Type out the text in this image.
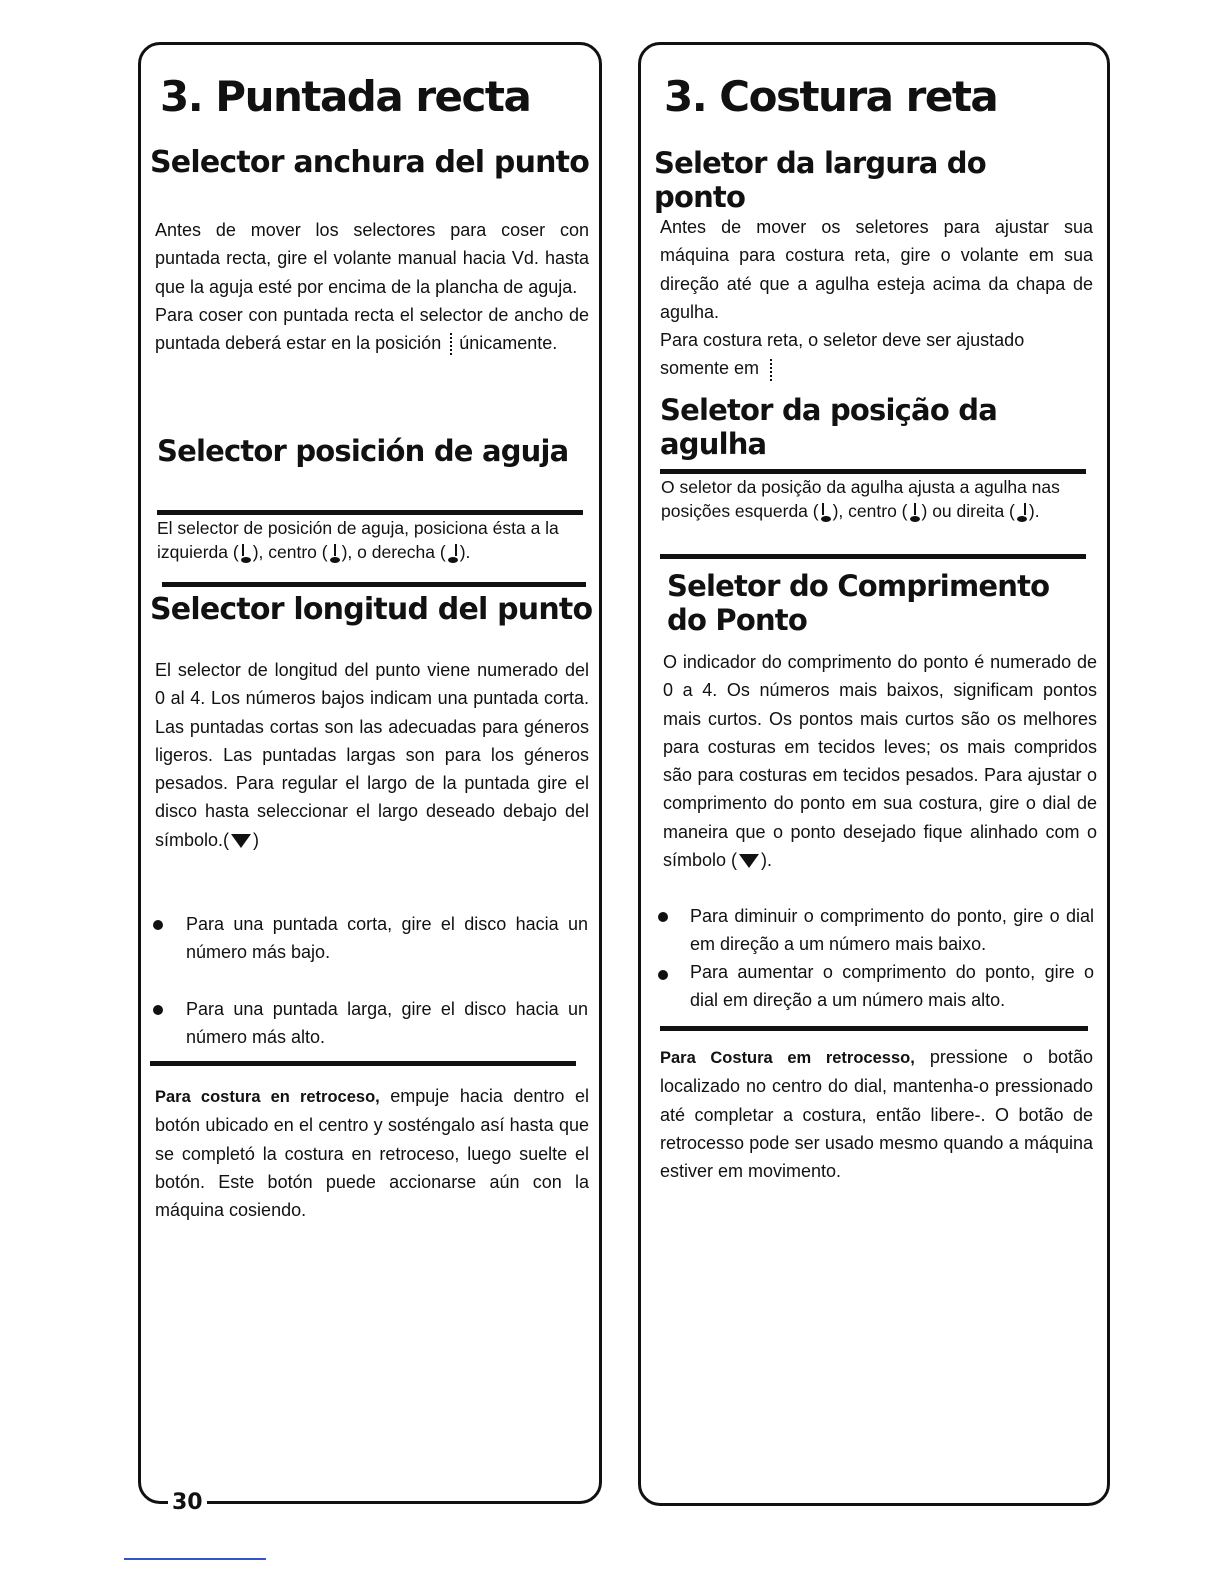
3. Puntada recta
Selector anchura del punto

Antes de mover los selectores para coser con puntada recta, gire el volante manual hacia Vd. hasta que la aguja esté por encima de la plancha de aguja.

Para coser con puntada recta el selector de ancho de puntada deberá estar en la posición únicamente.

Selector posición de aguja

El selector de posición de aguja, posiciona ésta a la izquierda ( ), centro ( ), o derecha ( ).

Selector longitud del punto

El selector de longitud del punto viene numerado del 0 al 4. Los números bajos indicam una puntada corta. Las puntadas cortas son las adecuadas para géneros ligeros. Las puntadas largas son para los géneros pesados. Para regular el largo de la puntada gire el disco hasta seleccionar el largo deseado debajo del símbolo.( )

Para una puntada corta, gire el disco hacia un número más bajo.
Para una puntada larga, gire el disco hacia un número más alto.

Para costura en retroceso, empuje hacia dentro el botón ubicado en el centro y sosténgalo así hasta que se completó la costura en retroceso, luego suelte el botón. Este botón puede accionarse aún con la máquina cosiendo.

30
3. Costura reta
Seletor da largura do ponto

Antes de mover os seletores para ajustar sua máquina para costura reta, gire o volante em sua direção até que a agulha esteja acima da chapa de agulha.

Para costura reta, o seletor deve ser ajustado somente em

Seletor da posição da agulha

O seletor da posição da agulha ajusta a agulha nas posições esquerda ( ), centro ( ) ou direita ( ).

Seletor do Comprimento do Ponto

O indicador do comprimento do ponto é numerado de 0 a 4. Os números mais baixos, significam pontos mais curtos. Os pontos mais curtos são os melhores para costuras em tecidos leves; os mais compridos são para costuras em tecidos pesados. Para ajustar o comprimento do ponto em sua costura, gire o dial de maneira que o ponto desejado fique alinhado com o símbolo ( ).

Para diminuir o comprimento do ponto, gire o dial em direção a um número mais baixo.
Para aumentar o comprimento do ponto, gire o dial em direção a um número mais alto.

Para Costura em retrocesso, pressione o botão localizado no centro do dial, mantenha-o pressionado até completar a costura, então libere-. O botão de retrocesso pode ser usado mesmo quando a máquina estiver em movimento.
